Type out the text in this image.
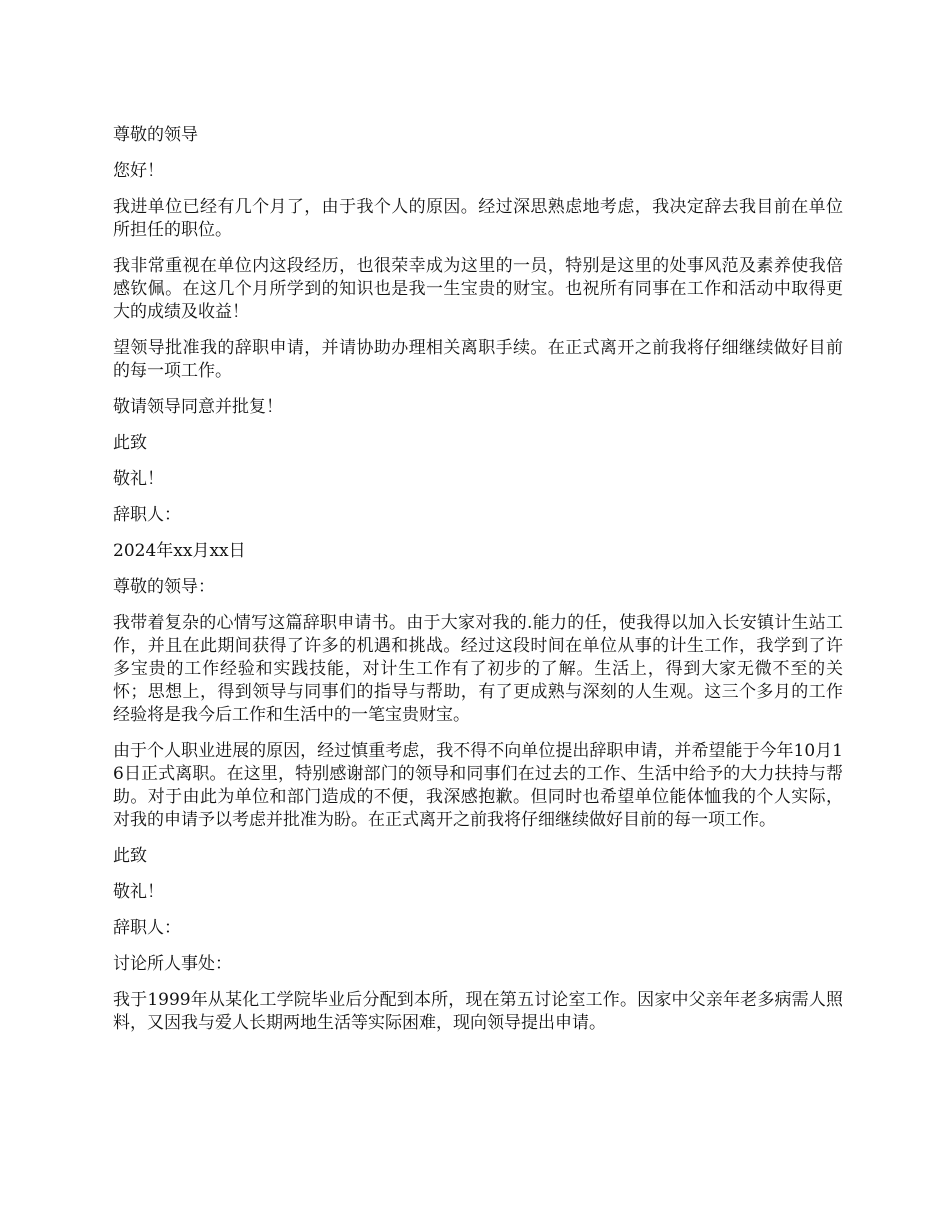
尊敬的领导

您好！

我进单位已经有几个月了，由于我个人的原因。经过深思熟虑地考虑，我决定辞去我目前在单位所担任的职位。

我非常重视在单位内这段经历，也很荣幸成为这里的一员，特别是这里的处事风范及素养使我倍感钦佩。在这几个月所学到的知识也是我一生宝贵的财宝。也祝所有同事在工作和活动中取得更大的成绩及收益！

望领导批准我的辞职申请，并请协助办理相关离职手续。在正式离开之前我将仔细继续做好目前的每一项工作。

敬请领导同意并批复！

此致

敬礼！

辞职人：

2024年xx月xx日

尊敬的领导：

我带着复杂的心情写这篇辞职申请书。由于大家对我的.能力的任，使我得以加入长安镇计生站工作，并且在此期间获得了许多的机遇和挑战。经过这段时间在单位从事的计生工作，我学到了许多宝贵的工作经验和实践技能，对计生工作有了初步的了解。生活上，得到大家无微不至的关怀；思想上，得到领导与同事们的指导与帮助，有了更成熟与深刻的人生观。这三个多月的工作经验将是我今后工作和生活中的一笔宝贵财宝。

由于个人职业进展的原因，经过慎重考虑，我不得不向单位提出辞职申请，并希望能于今年10月16日正式离职。在这里，特别感谢部门的领导和同事们在过去的工作、生活中给予的大力扶持与帮助。对于由此为单位和部门造成的不便，我深感抱歉。但同时也希望单位能体恤我的个人实际，对我的申请予以考虑并批准为盼。在正式离开之前我将仔细继续做好目前的每一项工作。

此致

敬礼！

辞职人：

讨论所人事处：

我于1999年从某化工学院毕业后分配到本所，现在第五讨论室工作。因家中父亲年老多病需人照料，又因我与爱人长期两地生活等实际困难，现向领导提出申请。
